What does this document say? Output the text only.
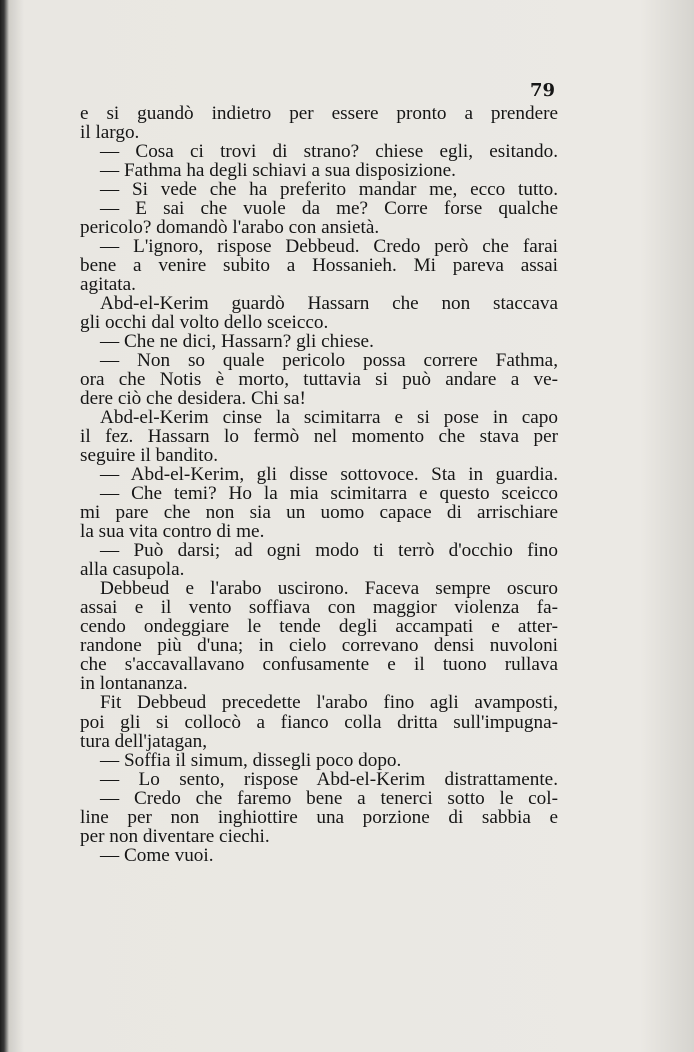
79
e si guandò indietro per essere pronto a prendere
il largo.
— Cosa ci trovi di strano? chiese egli, esitando.
— Fathma ha degli schiavi a sua disposizione.
— Si vede che ha preferito mandar me, ecco tutto.
— E sai che vuole da me? Corre forse qualche
pericolo? domandò l'arabo con ansietà.
— L'ignoro, rispose Debbeud. Credo però che farai
bene a venire subito a Hossanieh. Mi pareva assai
agitata.
Abd-el-Kerim guardò Hassarn che non staccava
gli occhi dal volto dello sceicco.
— Che ne dici, Hassarn? gli chiese.
— Non so quale pericolo possa correre Fathma,
ora che Notis è morto, tuttavia si può andare a ve-
dere ciò che desidera. Chi sa!
Abd-el-Kerim cinse la scimitarra e si pose in capo
il fez. Hassarn lo fermò nel momento che stava per
seguire il bandito.
— Abd-el-Kerim, gli disse sottovoce. Sta in guardia.
— Che temi? Ho la mia scimitarra e questo sceicco
mi pare che non sia un uomo capace di arrischiare
la sua vita contro di me.
— Può darsi; ad ogni modo ti terrò d'occhio fino
alla casupola.
Debbeud e l'arabo uscirono. Faceva sempre oscuro
assai e il vento soffiava con maggior violenza fa-
cendo ondeggiare le tende degli accampati e atter-
randone più d'una; in cielo correvano densi nuvoloni
che s'accavallavano confusamente e il tuono rullava
in lontananza.
Fit Debbeud precedette l'arabo fino agli avamposti,
poi gli si collocò a fianco colla dritta sull'impugna-
tura dell'jatagan,
— Soffia il simum, dissegli poco dopo.
— Lo sento, rispose Abd-el-Kerim distrattamente.
— Credo che faremo bene a tenerci sotto le col-
line per non inghiottire una porzione di sabbia e
per non diventare ciechi.
— Come vuoi.
